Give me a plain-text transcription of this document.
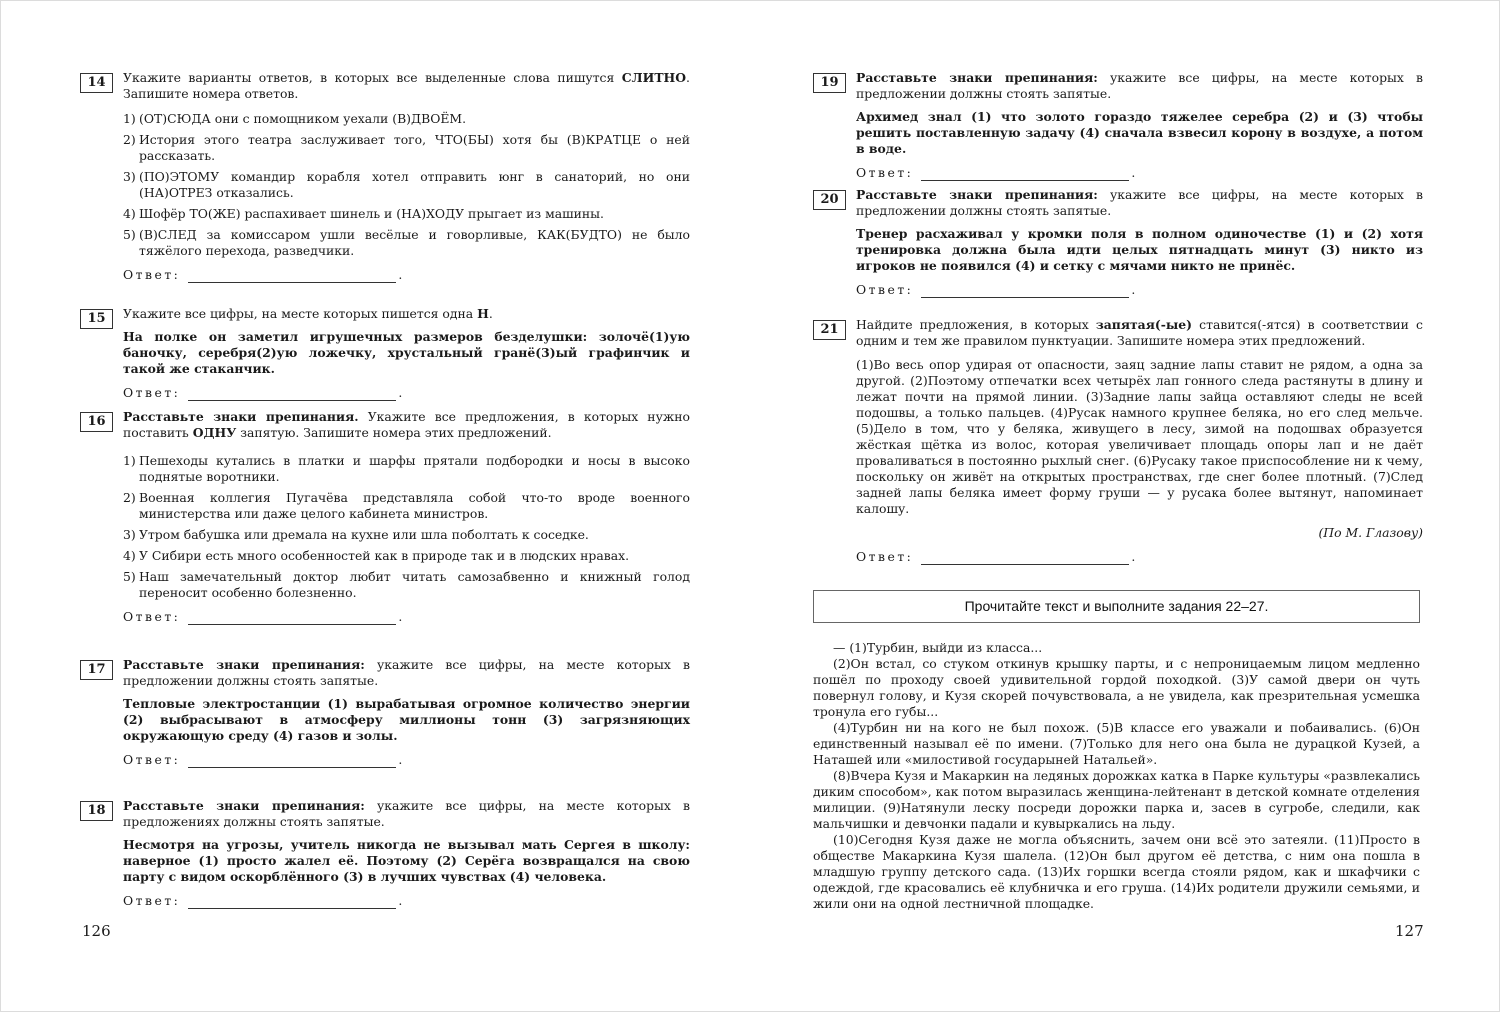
14	Укажите варианты ответов, в которых все выделенные слова пишутся СЛИТНО. Запишите номера ответов.
1) (ОТ)СЮДА они с помощником уехали (В)ДВОЁМ.
2) История этого театра заслуживает того, ЧТО(БЫ) хотя бы (В)КРАТЦЕ о ней рассказать.
3) (ПО)ЭТОМУ командир корабля хотел отправить юнг в санаторий, но они (НА)ОТРЕЗ отказались.
4) Шофёр ТО(ЖЕ) распахивает шинель и (НА)ХОДУ прыгает из машины.
5) (В)СЛЕД за комиссаром ушли весёлые и говорливые, КАК(БУДТО) не было тяжёлого перехода, разведчики.
Ответ:	.
15	Укажите все цифры, на месте которых пишется одна Н.
На полке он заметил игрушечных размеров безделушки: золочё(1)ую баночку, серебря(2)ую ложечку, хрустальный гранё(3)ый графинчик и такой же стаканчик.
Ответ:	.
16	Расставьте знаки препинания. Укажите все предложения, в которых нужно поставить ОДНУ запятую. Запишите номера этих предложений.
1) Пешеходы кутались в платки и шарфы прятали подбородки и носы в высоко поднятые воротники.
2) Военная коллегия Пугачёва представляла собой что-то вроде военного министерства или даже целого кабинета министров.
3) Утром бабушка или дремала на кухне или шла поболтать к соседке.
4) У Сибири есть много особенностей как в природе так и в людских нравах.
5) Наш замечательный доктор любит читать самозабвенно и книжный голод переносит особенно болезненно.
Ответ:	.
17	Расставьте знаки препинания: укажите все цифры, на месте которых в предложении должны стоять запятые.
Тепловые электростанции (1) вырабатывая огромное количество энергии (2) выбрасывают в атмосферу миллионы тонн (3) загрязняющих окружающую среду (4) газов и золы.
Ответ:	.
18	Расставьте знаки препинания: укажите все цифры, на месте которых в предложениях должны стоять запятые.
Несмотря на угрозы, учитель никогда не вызывал мать Сергея в школу: наверное (1) просто жалел её. Поэтому (2) Серёга возвращался на свою парту с видом оскорблённого (3) в лучших чувствах (4) человека.
Ответ:	.
126
19	Расставьте знаки препинания: укажите все цифры, на месте которых в предложении должны стоять запятые.
Архимед знал (1) что золото гораздо тяжелее серебра (2) и (3) чтобы решить поставленную задачу (4) сначала взвесил корону в воздухе, а потом в воде.
Ответ:	.
20	Расставьте знаки препинания: укажите все цифры, на месте которых в предложении должны стоять запятые.
Тренер расхаживал у кромки поля в полном одиночестве (1) и (2) хотя тренировка должна была идти целых пятнадцать минут (3) никто из игроков не появился (4) и сетку с мячами никто не принёс.
Ответ:	.
21	Найдите предложения, в которых запятая(-ые) ставится(-ятся) в соответствии с одним и тем же правилом пунктуации. Запишите номера этих предложений.
(1)Во весь опор удирая от опасности, заяц задние лапы ставит не рядом, а одна за другой. (2)Поэтому отпечатки всех четырёх лап гонного следа растянуты в длину и лежат почти на прямой линии. (3)Задние лапы зайца оставляют следы не всей подошвы, а только пальцев. (4)Русак намного крупнее беляка, но его след мельче. (5)Дело в том, что у беляка, живущего в лесу, зимой на подошвах образуется жёсткая щётка из волос, которая увеличивает площадь опоры лап и не даёт проваливаться в постоянно рыхлый снег. (6)Русаку такое приспособление ни к чему, поскольку он живёт на открытых пространствах, где снег более плотный. (7)След задней лапы беляка имеет форму груши — у русака более вытянут, напоминает калошу.
(По М. Глазову)
Ответ:	.
Прочитайте текст и выполните задания 22–27.

— (1)Турбин, выйди из класса...

(2)Он встал, со стуком откинув крышку парты, и с непроницаемым лицом медленно пошёл по проходу своей удивительной гордой походкой. (3)У самой двери он чуть повернул голову, и Кузя скорей почувствовала, а не увидела, как презрительная усмешка тронула его губы...

(4)Турбин ни на кого не был похож. (5)В классе его уважали и побаивались. (6)Он единственный называл её по имени. (7)Только для него она была не дурацкой Кузей, а Наташей или «милостивой государыней Натальей».

(8)Вчера Кузя и Макаркин на ледяных дорожках катка в Парке культуры «развлекались диким способом», как потом выразилась женщина-лейтенант в детской комнате отделения милиции. (9)Натянули леску посреди дорожки парка и, засев в сугробе, следили, как мальчишки и девчонки падали и кувыркались на льду.

(10)Сегодня Кузя даже не могла объяснить, зачем они всё это затеяли. (11)Просто в обществе Макаркина Кузя шалела. (12)Он был другом её детства, с ним она пошла в младшую группу детского сада. (13)Их горшки всегда стояли рядом, как и шкафчики с одеждой, где красовались её клубничка и его груша. (14)Их родители дружили семьями, и жили они на одной лестничной площадке.

127
